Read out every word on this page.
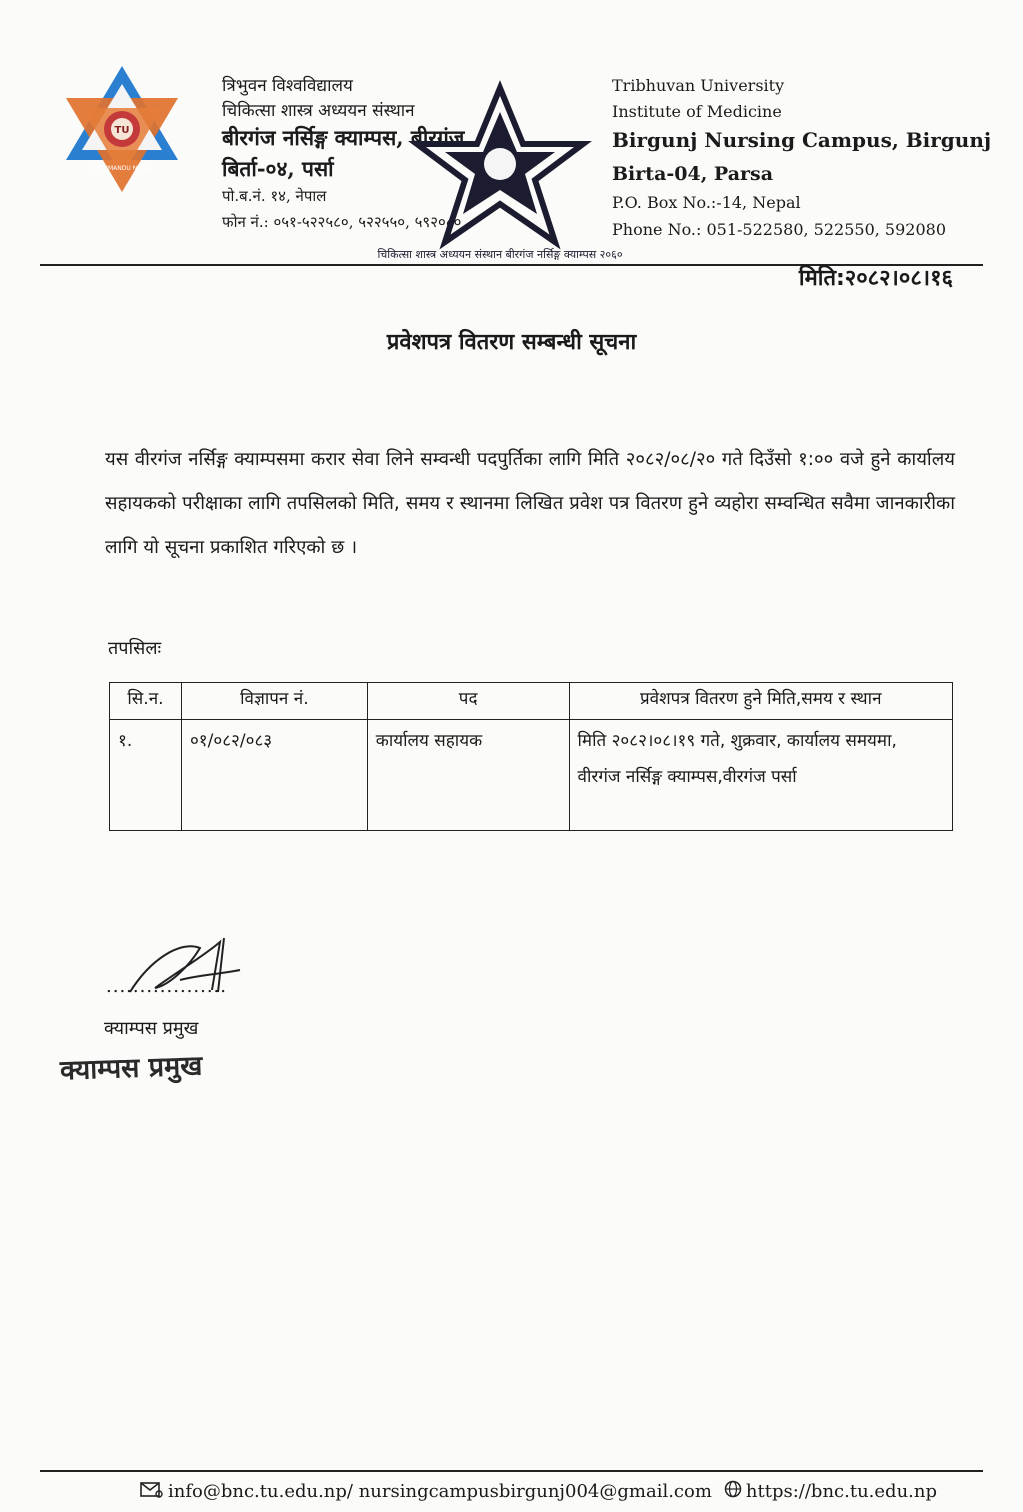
TU
KATHMANDU NEPAL
त्रिभुवन विश्वविद्यालय
चिकित्सा शास्त्र अध्ययन संस्थान
बीरगंज नर्सिङ्ग क्याम्पस, बीरगंज
बिर्ता-०४, पर्सा
पो.ब.नं. १४, नेपाल
फोन नं.: ०५१-५२२५८०, ५२२५५०, ५९२०८०
चिकित्सा शास्त्र अध्ययन संस्थान बीरगंज नर्सिङ्ग क्याम्पस २०६०
Tribhuvan University
Institute of Medicine
Birgunj Nursing Campus, Birgunj
Birta-04, Parsa
P.O. Box No.:-14, Nepal
Phone No.: 051-522580, 522550, 592080
मिति:२०८२।०८।१६
प्रवेशपत्र वितरण सम्बन्धी सूचना
यस वीरगंज नर्सिङ्ग क्याम्पसमा करार सेवा लिने सम्वन्धी पदपुर्तिका लागि मिति २०८२/०८/२० गते दिउँसो १:०० वजे हुने कार्यालय सहायकको परीक्षाका लागि तपसिलको मिति, समय र स्थानमा लिखित प्रवेश पत्र वितरण हुने व्यहोरा सम्वन्धित सवैमा जानकारीका लागि यो सूचना प्रकाशित गरिएको छ ।
तपसिलः
सि.न.	विज्ञापन नं.	पद	प्रवेशपत्र वितरण हुने मिति,समय र स्थान
१.	०१/०८२/०८३	कार्यालय सहायक	मिति २०८२।०८।१९ गते, शुक्रवार, कार्यालय समयमा, वीरगंज नर्सिङ्ग क्याम्पस,वीरगंज पर्सा
..................
क्याम्पस प्रमुख
क्याम्पस प्रमुख
info@bnc.tu.edu.np/ nursingcampusbirgunj004@gmail.com https://bnc.tu.edu.np
